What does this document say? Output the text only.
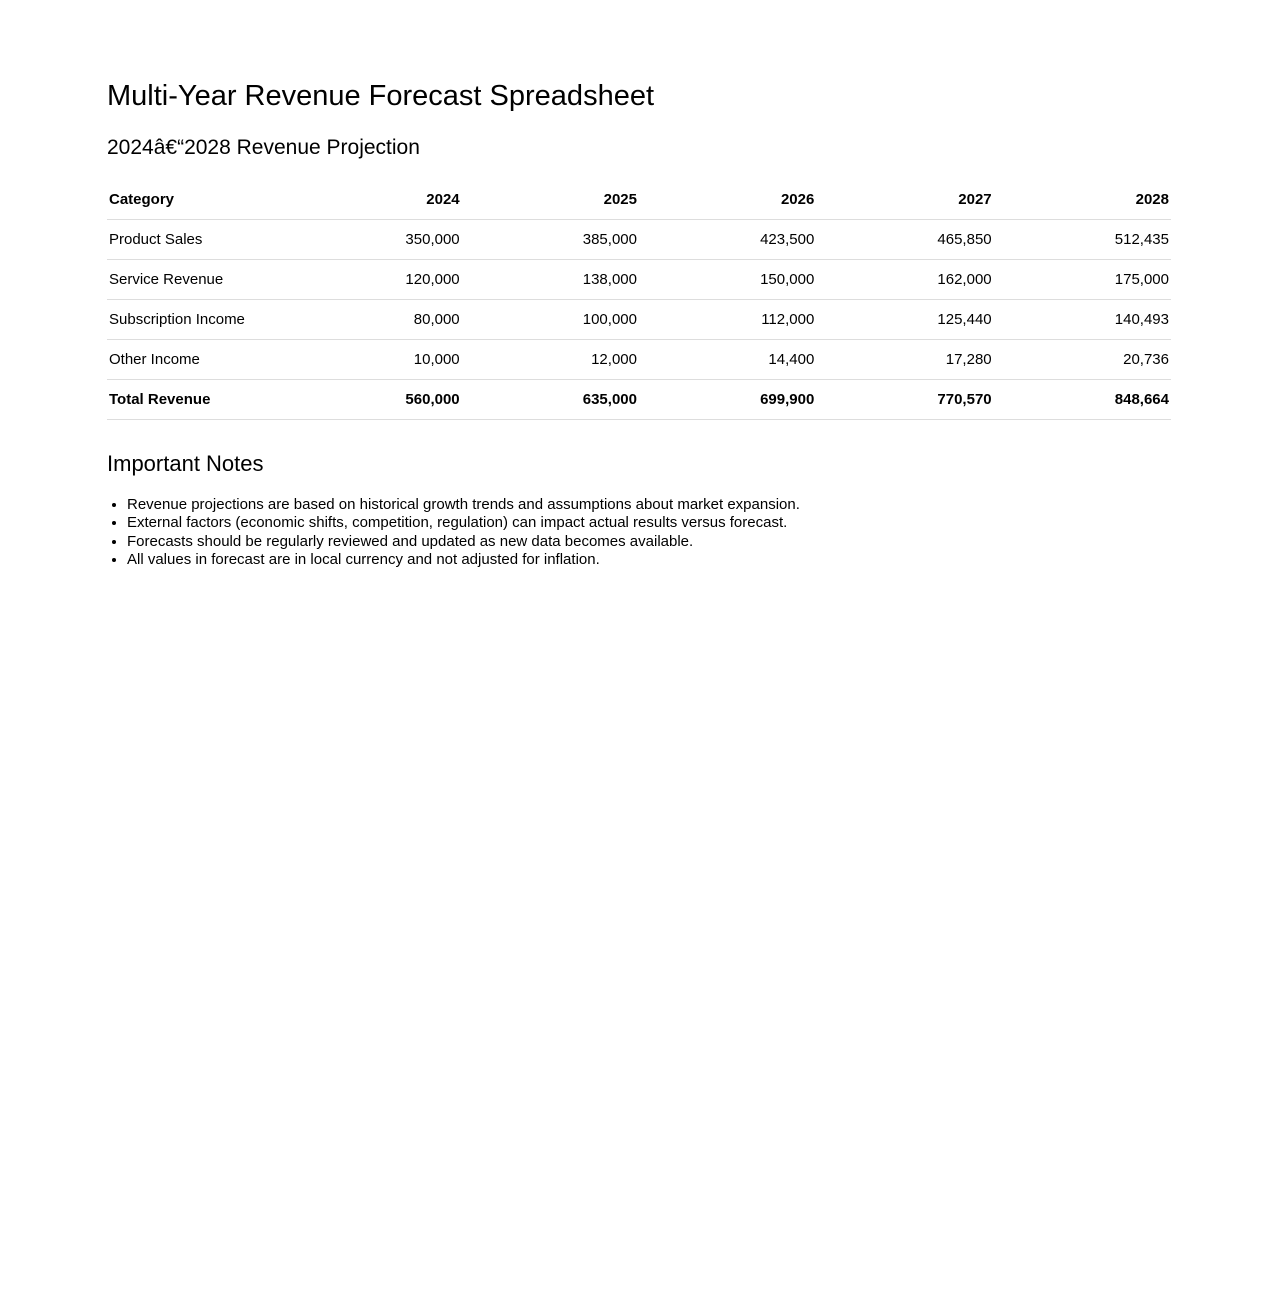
Multi-Year Revenue Forecast Spreadsheet
2024â€“2028 Revenue Projection
Category	2024	2025	2026	2027	2028
Product Sales	350,000	385,000	423,500	465,850	512,435
Service Revenue	120,000	138,000	150,000	162,000	175,000
Subscription Income	80,000	100,000	112,000	125,440	140,493
Other Income	10,000	12,000	14,400	17,280	20,736
Total Revenue	560,000	635,000	699,900	770,570	848,664
Important Notes
• Revenue projections are based on historical growth trends and assumptions about market expansion.
• External factors (economic shifts, competition, regulation) can impact actual results versus forecast.
• Forecasts should be regularly reviewed and updated as new data becomes available.
• All values in forecast are in local currency and not adjusted for inflation.
